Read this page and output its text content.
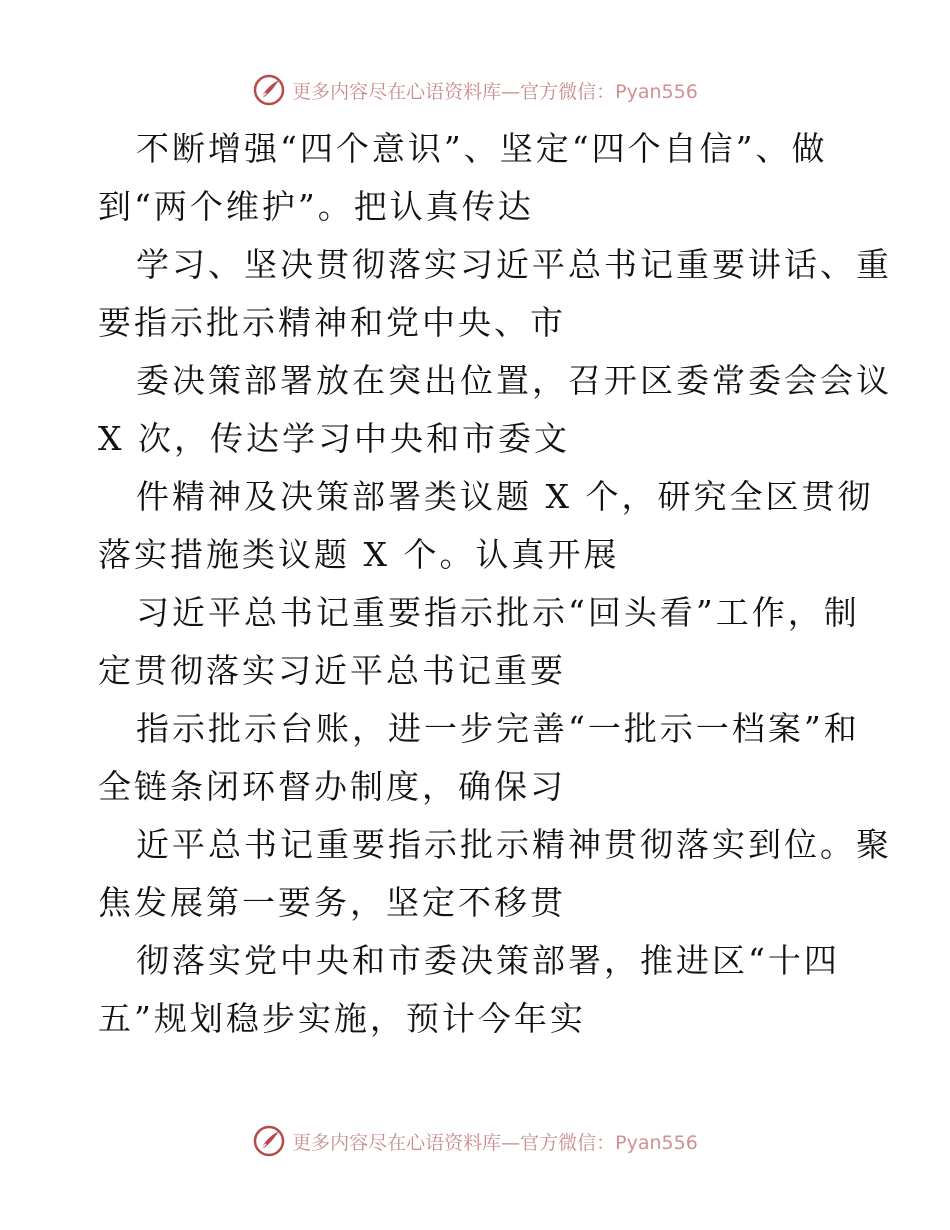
更多内容尽在心语资料库—官方微信：Pyan556
不断增强“四个意识”、坚定“四个自信”、做
到“两个维护”。把认真传达
学习、坚决贯彻落实习近平总书记重要讲话、重
要指示批示精神和党中央、市
委决策部署放在突出位置，召开区委常委会会议
X 次，传达学习中央和市委文
件精神及决策部署类议题 X 个，研究全区贯彻
落实措施类议题 X 个。认真开展
习近平总书记重要指示批示“回头看”工作，制
定贯彻落实习近平总书记重要
指示批示台账，进一步完善“一批示一档案”和
全链条闭环督办制度，确保习
近平总书记重要指示批示精神贯彻落实到位。聚
焦发展第一要务，坚定不移贯
彻落实党中央和市委决策部署，推进区“十四
五”规划稳步实施，预计今年实
更多内容尽在心语资料库—官方微信：Pyan556
